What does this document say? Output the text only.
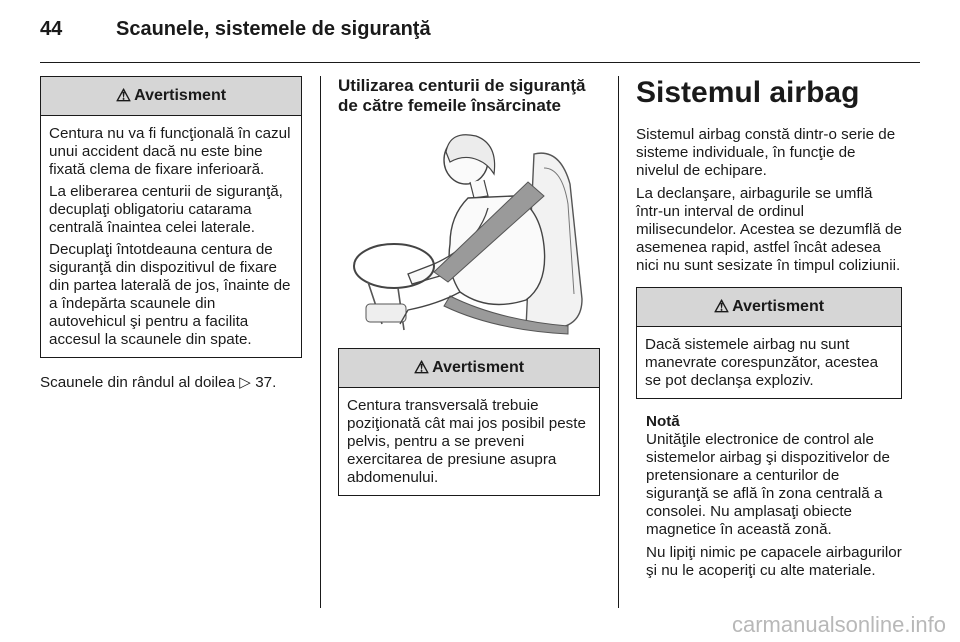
44	Scaunele, sistemele de siguranţă
⚠ Avertisment

Centura nu va fi funcţională în cazul unui accident dacă nu este bine fixată clema de fixare inferioară.

La eliberarea centurii de siguranţă, decuplaţi obligatoriu catarama centrală înaintea celei laterale.

Decuplaţi întotdeauna centura de siguranţă din dispozitivul de fixare din partea laterală de jos, înainte de a îndepărta scaunele din autovehicul şi pentru a facilita accesul la scaunele din spate.

Scaunele din rândul al doilea ▷ 37.

Utilizarea centurii de siguranţă de către femeile însărcinate
⚠ Avertisment

Centura transversală trebuie poziţionată cât mai jos posibil peste pelvis, pentru a se preveni exercitarea de presiune asupra abdomenului.

Sistemul airbag

Sistemul airbag constă dintr-o serie de sisteme individuale, în funcţie de nivelul de echipare.

La declanşare, airbagurile se umflă într-un interval de ordinul milisecundelor. Acestea se dezumflă de asemenea rapid, astfel încât adesea nici nu sunt sesizate în timpul coliziunii.

⚠ Avertisment

Dacă sistemele airbag nu sunt manevrate corespunzător, acestea se pot declanşa exploziv.

Notă

Unităţile electronice de control ale sistemelor airbag şi dispozitivelor de pretensionare a centurilor de siguranţă se află în zona centrală a consolei. Nu amplasaţi obiecte magnetice în această zonă.

Nu lipiţi nimic pe capacele airbagurilor şi nu le acoperiţi cu alte materiale.

carmanualsonline.info
